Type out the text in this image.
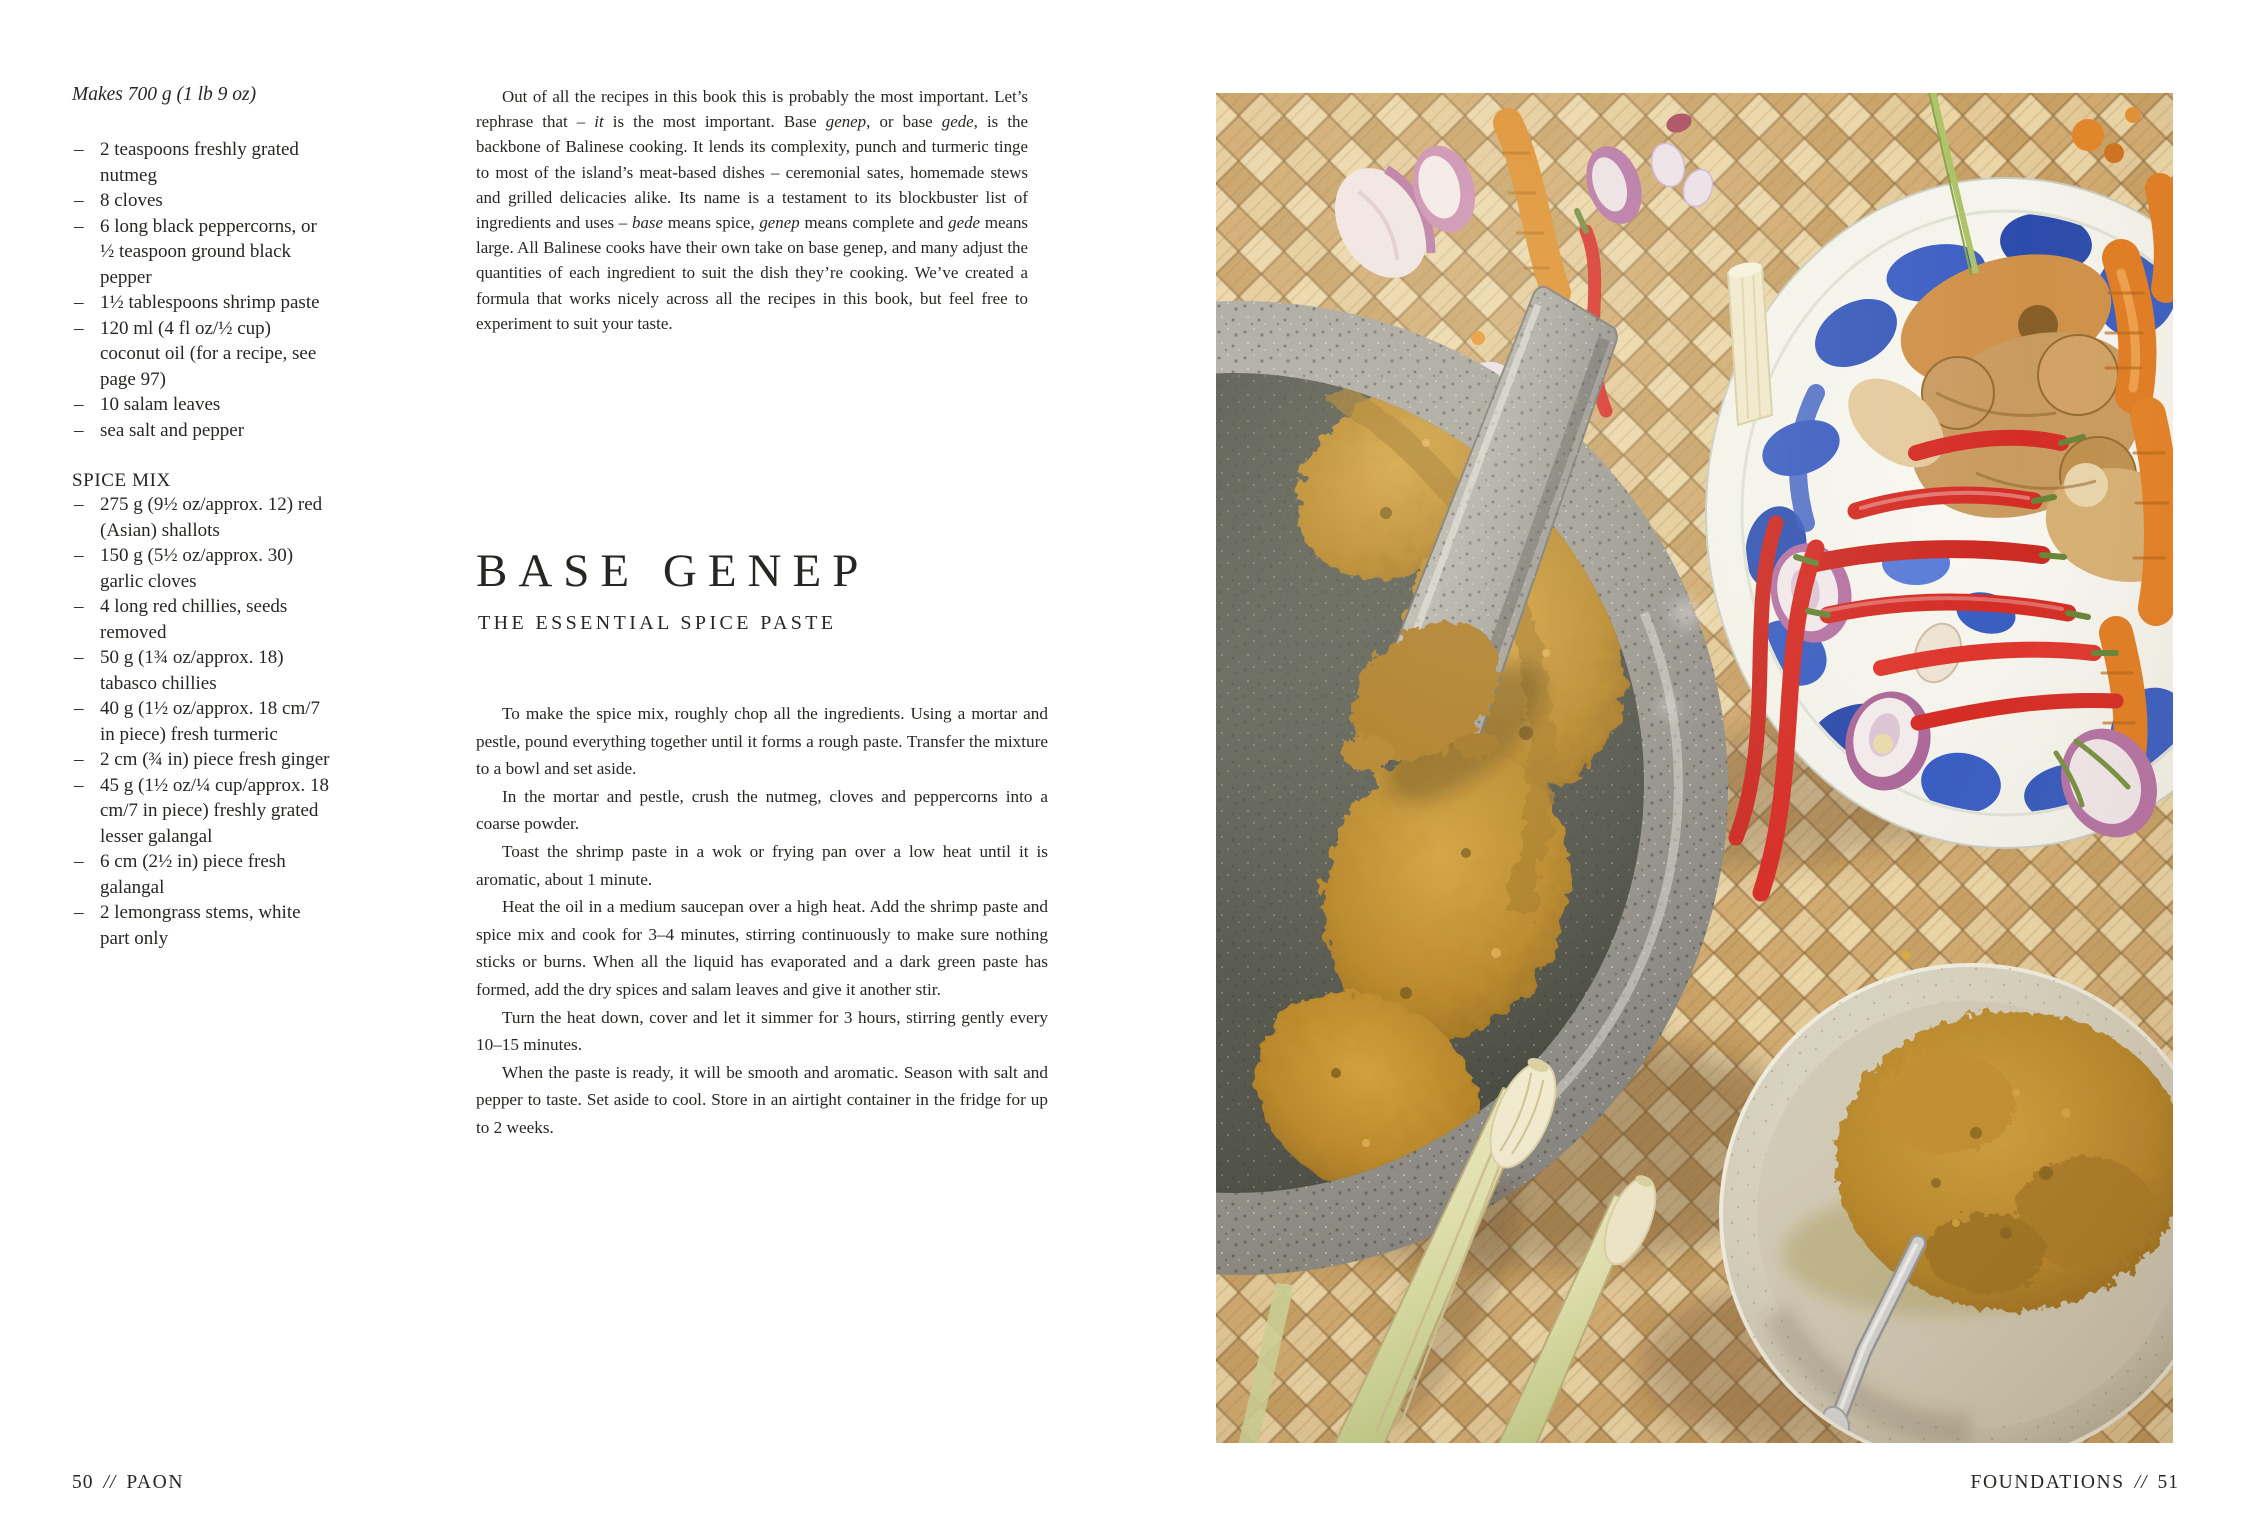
Makes 700 g (1 lb 9 oz)

– 2 teaspoons freshly grated nutmeg
– 8 cloves
– 6 long black peppercorns, or ½ teaspoon ground black pepper
– 1½ tablespoons shrimp paste
– 120 ml (4 fl oz/½ cup) coconut oil (for a recipe, see page 97)
– 10 salam leaves
– sea salt and pepper
SPICE MIX
– 275 g (9½ oz/approx. 12) red (Asian) shallots
– 150 g (5½ oz/approx. 30) garlic cloves
– 4 long red chillies, seeds removed
– 50 g (1¾ oz/approx. 18) tabasco chillies
– 40 g (1½ oz/approx. 18 cm/7 in piece) fresh turmeric
– 2 cm (¾ in) piece fresh ginger
– 45 g (1½ oz/¼ cup/approx. 18 cm/7 in piece) freshly grated lesser galangal
– 6 cm (2½ in) piece fresh galangal
– 2 lemongrass stems, white part only

Out of all the recipes in this book this is probably the most important. Let’s rephrase that – it is the most important. Base genep, or base gede, is the backbone of Balinese cooking. It lends its complexity, punch and turmeric tinge to most of the island’s meat-based dishes – ceremonial sates, homemade stews and grilled delicacies alike. Its name is a testament to its blockbuster list of ingredients and uses – base means spice, genep means complete and gede means large. All Balinese cooks have their own take on base genep, and many adjust the quantities of each ingredient to suit the dish they’re cooking. We’ve created a formula that works nicely across all the recipes in this book, but feel free to experiment to suit your taste.

BASE GENEP
THE ESSENTIAL SPICE PASTE

To make the spice mix, roughly chop all the ingredients. Using a mortar and pestle, pound everything together until it forms a rough paste. Transfer the mixture to a bowl and set aside.

In the mortar and pestle, crush the nutmeg, cloves and peppercorns into a coarse powder.

Toast the shrimp paste in a wok or frying pan over a low heat until it is aromatic, about 1 minute.

Heat the oil in a medium saucepan over a high heat. Add the shrimp paste and spice mix and cook for 3–4 minutes, stirring continuously to make sure nothing sticks or burns. When all the liquid has evaporated and a dark green paste has formed, add the dry spices and salam leaves and give it another stir.

Turn the heat down, cover and let it simmer for 3 hours, stirring gently every 10–15 minutes.

When the paste is ready, it will be smooth and aromatic. Season with salt and pepper to taste. Set aside to cool. Store in an airtight container in the fridge for up to 2 weeks.

50 // PAON	FOUNDATIONS // 51
